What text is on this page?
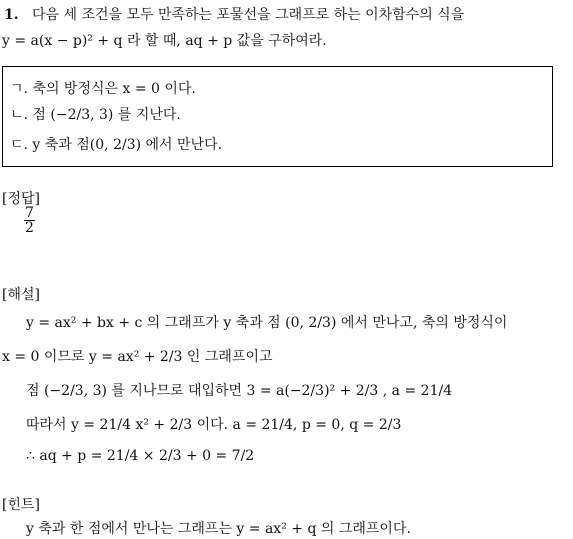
1. 다음 세 조건을 모두 만족하는 포물선을 그래프로 하는 이차함수의 식을
y = a(x − p)² + q 라 할 때, aq + p 값을 구하여라.
ㄱ. 축의 방정식은 x = 0 이다.
ㄴ. 점 (−2/3, 3) 를 지난다.
ㄷ. y 축과 점(0, 2/3) 에서 만난다.
[정답]
$\frac{7}{2}$
[해설]
y = ax² + bx + c 의 그래프가 y 축과 점 (0, 2/3) 에서 만나고, 축의 방정식이
x = 0 이므로 y = ax² + 2/3 인 그래프이고
점 (−2/3, 3) 를 지나므로 대입하면 3 = a(−2/3)² + 2/3 , a = 21/4
따라서 y = 21/4 x² + 2/3 이다. a = 21/4, p = 0, q = 2/3
∴ aq + p = 21/4 × 2/3 + 0 = 7/2
[힌트]
y 축과 한 점에서 만나는 그래프는 y = ax² + q 의 그래프이다.
